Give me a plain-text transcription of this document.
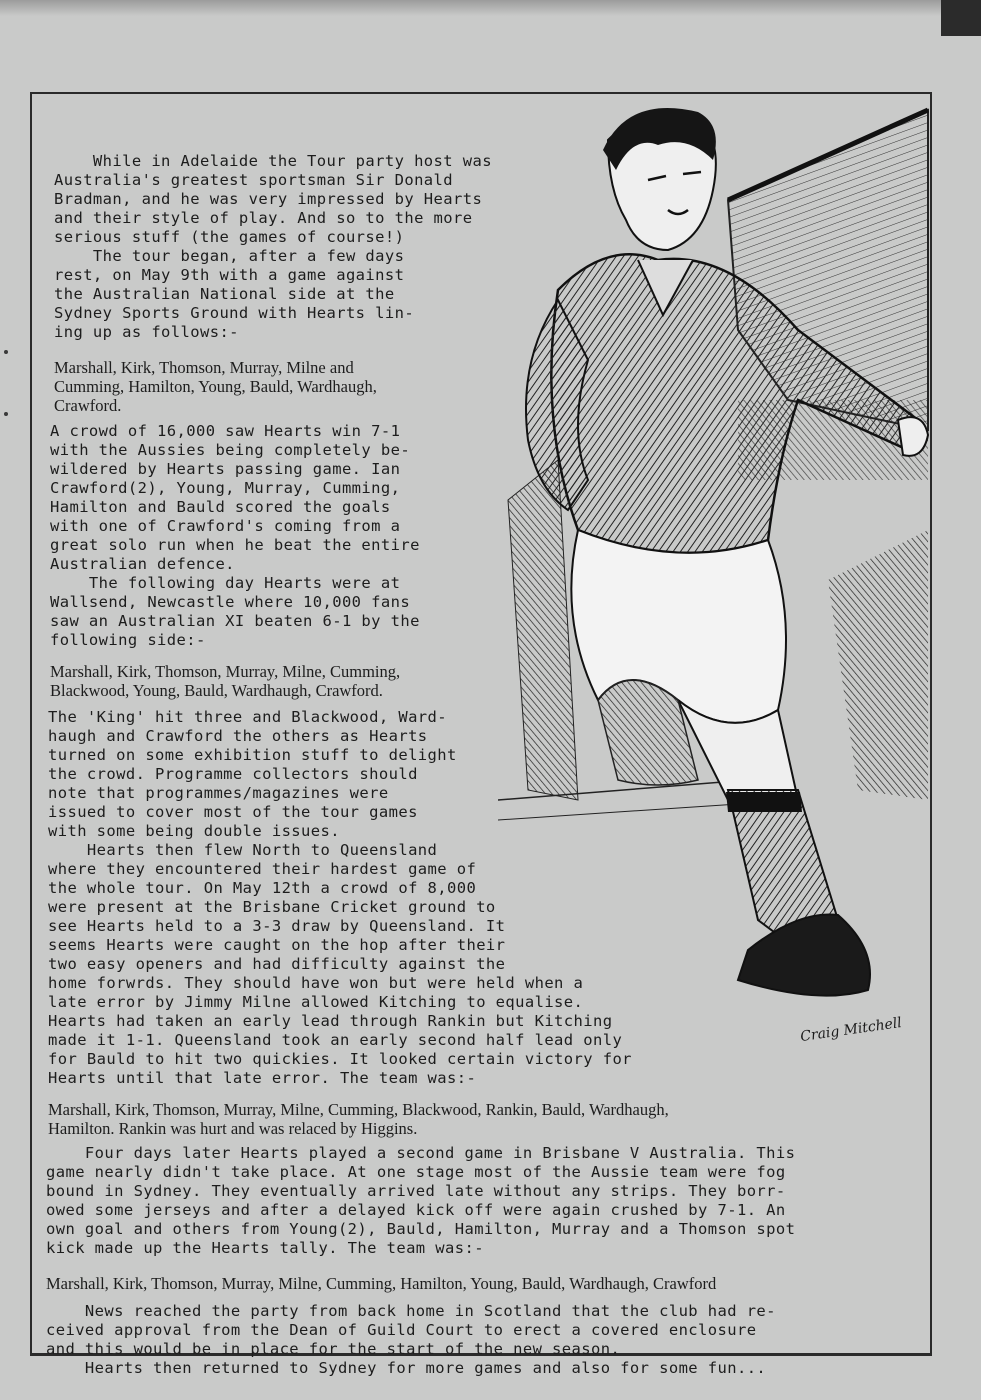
Craig Mitchell

While in Adelaide the Tour party host was
Australia's greatest sportsman Sir Donald
Bradman, and he was very impressed by Hearts
and their style of play. And so to the more
serious stuff (the games of course!)
The tour began, after a few days
rest, on May 9th with a game against
the Australian National side at the
Sydney Sports Ground with Hearts lin-
ing up as follows:-

Marshall, Kirk, Thomson, Murray, Milne and
Cumming, Hamilton, Young, Bauld, Wardhaugh,
Crawford.

A crowd of 16,000 saw Hearts win 7-1
with the Aussies being completely be-
wildered by Hearts passing game. Ian
Crawford(2), Young, Murray, Cumming,
Hamilton and Bauld scored the goals
with one of Crawford's coming from a
great solo run when he beat the entire
Australian defence.
The following day Hearts were at
Wallsend, Newcastle where 10,000 fans
saw an Australian XI beaten 6-1 by the
following side:-

Marshall, Kirk, Thomson, Murray, Milne, Cumming,
Blackwood, Young, Bauld, Wardhaugh, Crawford.

The 'King' hit three and Blackwood, Ward-
haugh and Crawford the others as Hearts
turned on some exhibition stuff to delight
the crowd. Programme collectors should
note that programmes/magazines were
issued to cover most of the tour games
with some being double issues.
Hearts then flew North to Queensland
where they encountered their hardest game of
the whole tour. On May 12th a crowd of 8,000
were present at the Brisbane Cricket ground to
see Hearts held to a 3-3 draw by Queensland. It
seems Hearts were caught on the hop after their
two easy openers and had difficulty against the
home forwrds. They should have won but were held when a
late error by Jimmy Milne allowed Kitching to equalise.
Hearts had taken an early lead through Rankin but Kitching
made it 1-1. Queensland took an early second half lead only
for Bauld to hit two quickies. It looked certain victory for
Hearts until that late error. The team was:-

Marshall, Kirk, Thomson, Murray, Milne, Cumming, Blackwood, Rankin, Bauld, Wardhaugh,
Hamilton. Rankin was hurt and was relaced by Higgins.

Four days later Hearts played a second game in Brisbane V Australia. This
game nearly didn't take place. At one stage most of the Aussie team were fog
bound in Sydney. They eventually arrived late without any strips. They borr-
owed some jerseys and after a delayed kick off were again crushed by 7-1. An
own goal and others from Young(2), Bauld, Hamilton, Murray and a Thomson spot
kick made up the Hearts tally. The team was:-

Marshall, Kirk, Thomson, Murray, Milne, Cumming, Hamilton, Young, Bauld, Wardhaugh, Crawford

News reached the party from back home in Scotland that the club had re-
ceived approval from the Dean of Guild Court to erect a covered enclosure
and this would be in place for the start of the new season.
Hearts then returned to Sydney for more games and also for some fun...
